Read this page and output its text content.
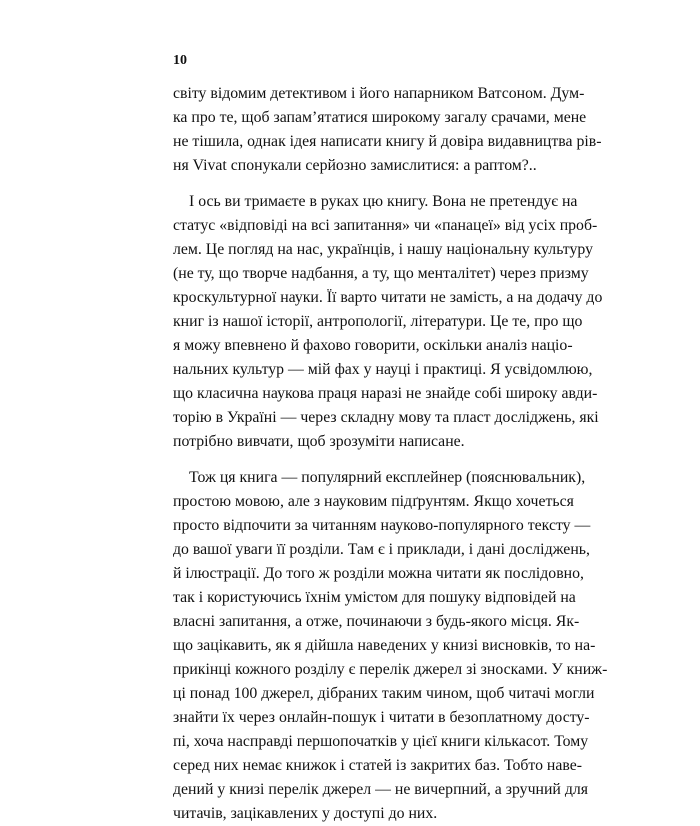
10
світу відомим детективом і його напарником Ватсоном. Дум-
ка про те, щоб запам’ятатися широкому загалу срачами, мене
не тішила, однак ідея написати книгу й довіра видавництва рів-
ня Vivat спонукали серйозно замислитися: а раптом?..
І ось ви тримаєте в руках цю книгу. Вона не претендує на
статус «відповіді на всі запитання» чи «панацеї» від усіх проб-
лем. Це погляд на нас, українців, і нашу національну культуру
(не ту, що творче надбання, а ту, що менталітет) через призму
кроскультурної науки. Її варто читати не замість, а на додачу до
книг із нашої історії, антропології, літератури. Це те, про що
я можу впевнено й фахово говорити, оскільки аналіз націо-
нальних культур — мій фах у науці і практиці. Я усвідомлюю,
що класична наукова праця наразі не знайде собі широку авди-
торію в Україні — через складну мову та пласт досліджень, які
потрібно вивчати, щоб зрозуміти написане.
Тож ця книга — популярний експлейнер (пояснювальник),
простою мовою, але з науковим підґрунтям. Якщо хочеться
просто відпочити за читанням науково-популярного тексту —
до вашої уваги її розділи. Там є і приклади, і дані досліджень,
й ілюстрації. До того ж розділи можна читати як послідовно,
так і користуючись їхнім умістом для пошуку відповідей на
власні запитання, а отже, починаючи з будь-якого місця. Як-
що зацікавить, як я дійшла наведених у книзі висновків, то на-
прикінці кожного розділу є перелік джерел зі зносками. У книж-
ці понад 100 джерел, дібраних таким чином, щоб читачі могли
знайти їх через онлайн-пошук і читати в безоплатному досту-
пі, хоча насправді першопочатків у цієї книги кількасот. Тому
серед них немає книжок і статей із закритих баз. Тобто наве-
дений у книзі перелік джерел — не вичерпний, а зручний для
читачів, зацікавлених у доступі до них.
